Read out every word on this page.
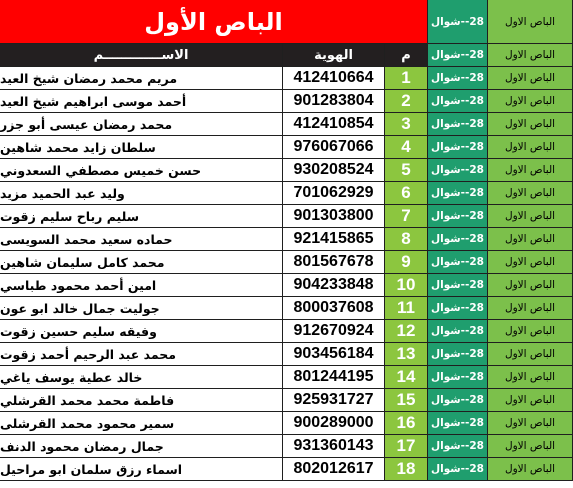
الباص الأول	28--شوال	الباص الاول
الاســـــــــــــم	الهوية	م	28--شوال	الباص الاول
مريم محمد رمضان شيخ العيد	412410664	1	28--شوال	الباص الاول
أحمد موسى ابراهيم شيخ العيد	901283804	2	28--شوال	الباص الاول
محمد رمضان عيسى أبو جزر	412410854	3	28--شوال	الباص الاول
سلطان زايد محمد شاهين	976067066	4	28--شوال	الباص الاول
حسن خميس مصطفي السعدوني	930208524	5	28--شوال	الباص الاول
وليد عبد الحميد مزيد	701062929	6	28--شوال	الباص الاول
سليم رباح سليم زقوت	901303800	7	28--شوال	الباص الاول
حماده سعيد محمد السويسى	921415865	8	28--شوال	الباص الاول
محمد كامل سليمان شاهين	801567678	9	28--شوال	الباص الاول
امين أحمد محمود طباسي	904233848	10	28--شوال	الباص الاول
جوليت جمال خالد ابو عون	800037608	11	28--شوال	الباص الاول
وفيقه سليم حسين زقوت	912670924	12	28--شوال	الباص الاول
محمد عبد الرحيم أحمد زقوت	903456184	13	28--شوال	الباص الاول
خالد عطية يوسف ياغي	801244195	14	28--شوال	الباص الاول
فاطمة محمد محمد القرشلي	925931727	15	28--شوال	الباص الاول
سمير محمود محمد القرشلى	900289000	16	28--شوال	الباص الاول
جمال رمضان محمود الدنف	931360143	17	28--شوال	الباص الاول
اسماء رزق سلمان ابو مراحيل	802012617	18	28--شوال	الباص الاول
